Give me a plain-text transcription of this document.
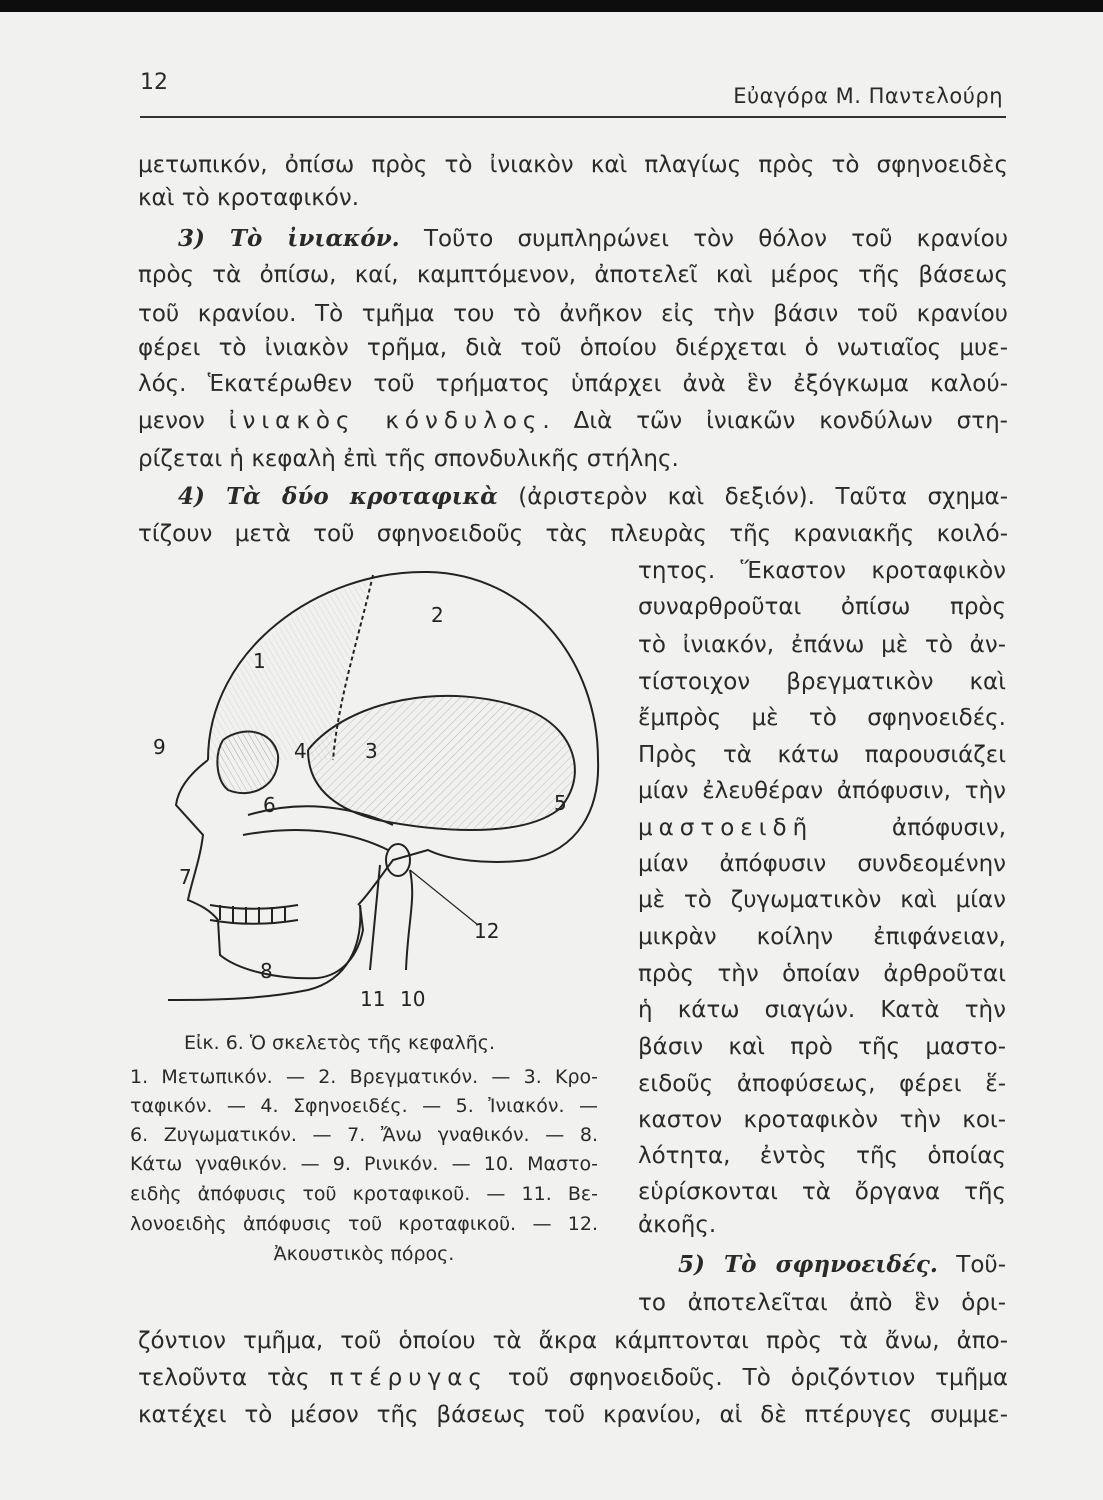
12
Εὐαγόρα Μ. Παντελούρη
μετωπικόν, ὀπίσω πρὸς τὸ ἰνιακὸν καὶ πλαγίως πρὸς τὸ σφηνοειδὲς
καὶ τὸ κροταφικόν.
3) Τὸ ἰνιακόν. Τοῦτο συμπληρώνει τὸν θόλον τοῦ κρανίου
πρὸς τὰ ὀπίσω, καί, καμπτόμενον, ἀποτελεῖ καὶ μέρος τῆς βάσεως
τοῦ κρανίου. Τὸ τμῆμα του τὸ ἀνῆκον εἰς τὴν βάσιν τοῦ κρανίου
φέρει τὸ ἰνιακὸν τρῆμα, διὰ τοῦ ὁποίου διέρχεται ὁ νωτιαῖος μυε-
λός. Ἑκατέρωθεν τοῦ τρήματος ὑπάρχει ἀνὰ ἓν ἐξόγκωμα καλού-
μενον ἰνιακὸς κόνδυλος. Διὰ τῶν ἰνιακῶν κονδύλων στη-
ρίζεται ἡ κεφαλὴ ἐπὶ τῆς σπονδυλικῆς στήλης.
4) Τὰ δύο κροταφικὰ (ἀριστερὸν καὶ δεξιόν). Ταῦτα σχημα-
τίζουν μετὰ τοῦ σφηνοειδοῦς τὰς πλευρὰς τῆς κρανιακῆς κοιλό-
τητος. Ἕκαστον κροταφικὸν
συναρθροῦται ὀπίσω πρὸς
τὸ ἰνιακόν, ἐπάνω μὲ τὸ ἀν-
τίστοιχον βρεγματικὸν καὶ
ἔμπρὸς μὲ τὸ σφηνοειδές.
Πρὸς τὰ κάτω παρουσιάζει
μίαν ἐλευθέραν ἀπόφυσιν, τὴν
μαστοειδῆ ἀπόφυσιν,
μίαν ἀπόφυσιν συνδεομένην
μὲ τὸ ζυγωματικὸν καὶ μίαν
μικρὰν κοίλην ἐπιφάνειαν,
πρὸς τὴν ὁποίαν ἀρθροῦται
ἡ κάτω σιαγών. Κατὰ τὴν
βάσιν καὶ πρὸ τῆς μαστο-
ειδοῦς ἀποφύσεως, φέρει ἕ-
καστον κροταφικὸν τὴν κοι-
λότητα, ἐντὸς τῆς ὁποίας
εὑρίσκονται τὰ ὄργανα τῆς
ἀκοῆς.
5) Τὸ σφηνοειδές. Τοῦ-
το ἀποτελεῖται ἀπὸ ἓν ὁρι-
ζόντιον τμῆμα, τοῦ ὁποίου τὰ ἄκρα κάμπτονται πρὸς τὰ ἄνω, ἀπο-
τελοῦντα τὰς πτέρυγας τοῦ σφηνοειδοῦς. Τὸ ὁριζόντιον τμῆμα
κατέχει τὸ μέσον τῆς βάσεως τοῦ κρανίου, αἱ δὲ πτέρυγες συμμε-
1
2
3
4
5
6
7
8
9
10
11
12
Εἰκ. 6. Ὁ σκελετὸς τῆς κεφαλῆς.
1. Μετωπικόν. — 2. Βρεγματικόν. — 3. Κρο-
ταφικόν. — 4. Σφηνοειδές. — 5. Ἰνιακόν. —
6. Ζυγωματικόν. — 7. Ἄνω γναθικόν. — 8.
Κάτω γναθικόν. — 9. Ρινικόν. — 10. Μαστο-
ειδὴς ἀπόφυσις τοῦ κροταφικοῦ. — 11. Βε-
λονοειδὴς ἀπόφυσις τοῦ κροταφικοῦ. — 12.
Ἀκουστικὸς πόρος.
